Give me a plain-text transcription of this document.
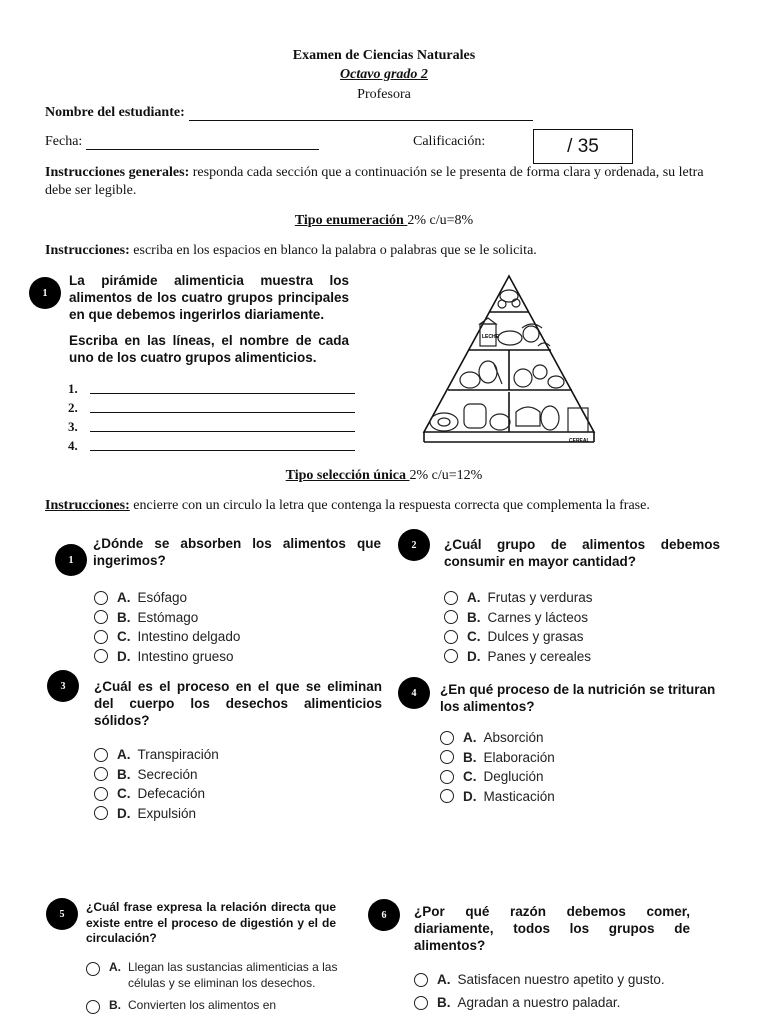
Examen de Ciencias Naturales
Octavo grado 2
Profesora
Nombre del estudiante:
Fecha:	Calificación:	/ 35
Instrucciones generales: responda cada sección que a continuación se le presenta de forma clara y ordenada, su letra debe ser legible.
Tipo enumeración 2% c/u=8%
Instrucciones: escriba en los espacios en blanco la palabra o palabras que se le solicita.
1
La pirámide alimenticia muestra los alimentos de los cuatro grupos principales en que debemos ingerirlos diariamente.
Escriba en las líneas, el nombre de cada uno de los cuatro grupos alimenticios.
1.
2.
3.
4.
LECHE
CEREAL
Tipo selección única 2% c/u=12%
Instrucciones: encierre con un circulo la letra que contenga la respuesta correcta que complementa la frase.
1
¿Dónde se absorben los alimentos que ingerimos?
A. Esófago
B. Estómago
C. Intestino delgado
D. Intestino grueso
2	¿Cuál grupo de alimentos debemos consumir en mayor cantidad?
A. Frutas y verduras
B. Carnes y lácteos
C. Dulces y grasas
D. Panes y cereales
3	¿Cuál es el proceso en el que se eliminan del cuerpo los desechos alimenticios sólidos?
A. Transpiración
B. Secreción
C. Defecación
D. Expulsión
4	¿En qué proceso de la nutrición se trituran los alimentos?
A. Absorción
B. Elaboración
C. Deglución
D. Masticación
5	¿Cuál frase expresa la relación directa que existe entre el proceso de digestión y el de circulación?
A. Llegan las sustancias alimenticias a las células y se eliminan los desechos.
B. Convierten los alimentos en
6	¿Por qué razón debemos comer, diariamente, todos los grupos de alimentos?
A. Satisfacen nuestro apetito y gusto.
B. Agradan a nuestro paladar.
